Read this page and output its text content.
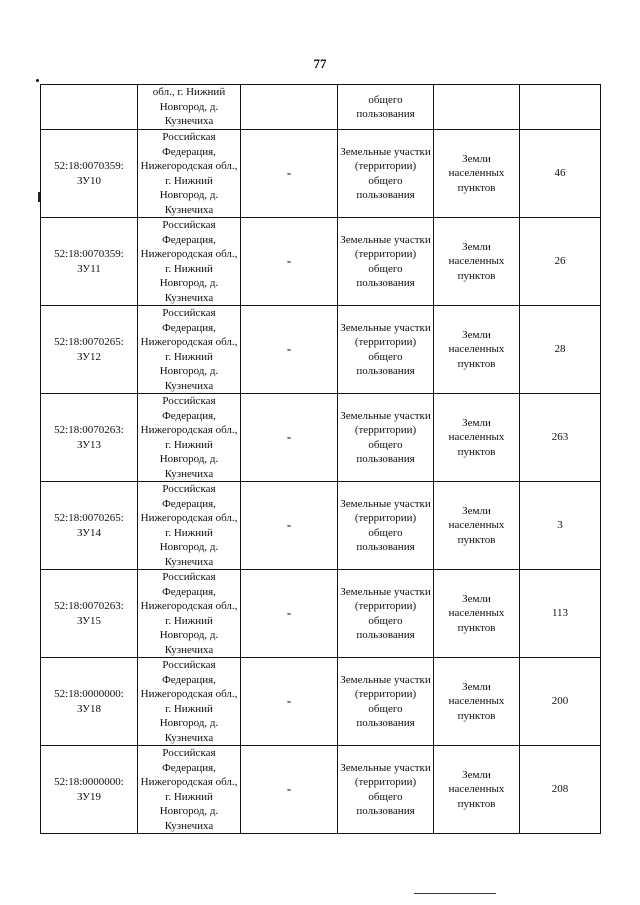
77
	обл., г. Нижний Новгород, д. Кузнечиха		общего пользования		
52:18:0070359: ЗУ10	Российская Федерация, Нижегородская обл., г. Нижний Новгород, д. Кузнечиха	-	Земельные участки (территории) общего пользования	Земли населенных пунктов	46
52:18:0070359: ЗУ11	Российская Федерация, Нижегородская обл., г. Нижний Новгород, д. Кузнечиха	-	Земельные участки (территории) общего пользования	Земли населенных пунктов	26
52:18:0070265: ЗУ12	Российская Федерация, Нижегородская обл., г. Нижний Новгород, д. Кузнечиха	-	Земельные участки (территории) общего пользования	Земли населенных пунктов	28
52:18:0070263: ЗУ13	Российская Федерация, Нижегородская обл., г. Нижний Новгород, д. Кузнечиха	-	Земельные участки (территории) общего пользования	Земли населенных пунктов	263
52:18:0070265: ЗУ14	Российская Федерация, Нижегородская обл., г. Нижний Новгород, д. Кузнечиха	-	Земельные участки (территории) общего пользования	Земли населенных пунктов	3
52:18:0070263: ЗУ15	Российская Федерация, Нижегородская обл., г. Нижний Новгород, д. Кузнечиха	-	Земельные участки (территории) общего пользования	Земли населенных пунктов	113
52:18:0000000: ЗУ18	Российская Федерация, Нижегородская обл., г. Нижний Новгород, д. Кузнечиха	-	Земельные участки (территории) общего пользования	Земли населенных пунктов	200
52:18:0000000: ЗУ19	Российская Федерация, Нижегородская обл., г. Нижний Новгород, д. Кузнечиха	-	Земельные участки (территории) общего пользования	Земли населенных пунктов	208
